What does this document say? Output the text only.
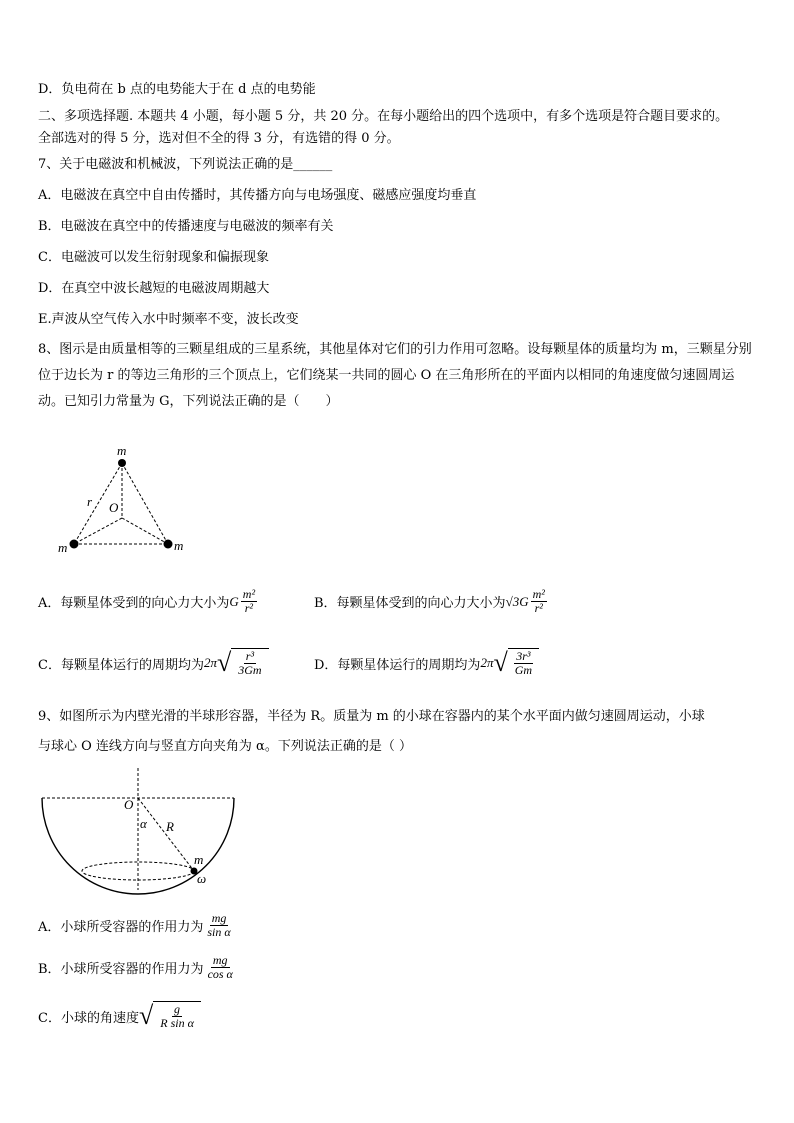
D．负电荷在 b 点的电势能大于在 d 点的电势能
二、多项选择题. 本题共 4 小题，每小题 5 分，共 20 分。在每小题给出的四个选项中，有多个选项是符合题目要求的。
全部选对的得 5 分，选对但不全的得 3 分，有选错的得 0 分。
7、关于电磁波和机械波，下列说法正确的是______
A．电磁波在真空中自由传播时，其传播方向与电场强度、磁感应强度均垂直
B．电磁波在真空中的传播速度与电磁波的频率有关
C．电磁波可以发生衍射现象和偏振现象
D．在真空中波长越短的电磁波周期越大
E.声波从空气传入水中时频率不变，波长改变
8、图示是由质量相等的三颗星组成的三星系统，其他星体对它们的引力作用可忽略。设每颗星体的质量均为 m，三颗星分别位于边长为 r 的等边三角形的三个顶点上，它们绕某一共同的圆心 O 在三角形所在的平面内以相同的角速度做匀速圆周运动。已知引力常量为 G，下列说法正确的是（　　）
m
m	m
O
r
A．每颗星体受到的向心力大小为 G $\frac{\text{m²}}{\text{r²}}$	B．每颗星体受到的向心力大小为 $√3G \frac{\text{m²}}{\text{r²}}$
C．每颗星体运行的周期均为 2π √ $\frac{\text{r³}}{3Gm}$	D．每颗星体运行的周期均为 2π √ $\frac{\text{3r³}}{Gm}$
9、如图所示为内壁光滑的半球形容器，半径为 R。质量为 m 的小球在容器内的某个水平面内做匀速圆周运动，小球
与球心 O 连线方向与竖直方向夹角为 α。下列说法正确的是（ ）
O
α R
m
ω
A．小球所受容器的作用力为 $\frac{mg}{\text{sin α}}$
B．小球所受容器的作用力为 $\frac{mg}{\text{cos α}}$
C．小球的角速度 √ $\frac{g}{\text{R sin α}}$
